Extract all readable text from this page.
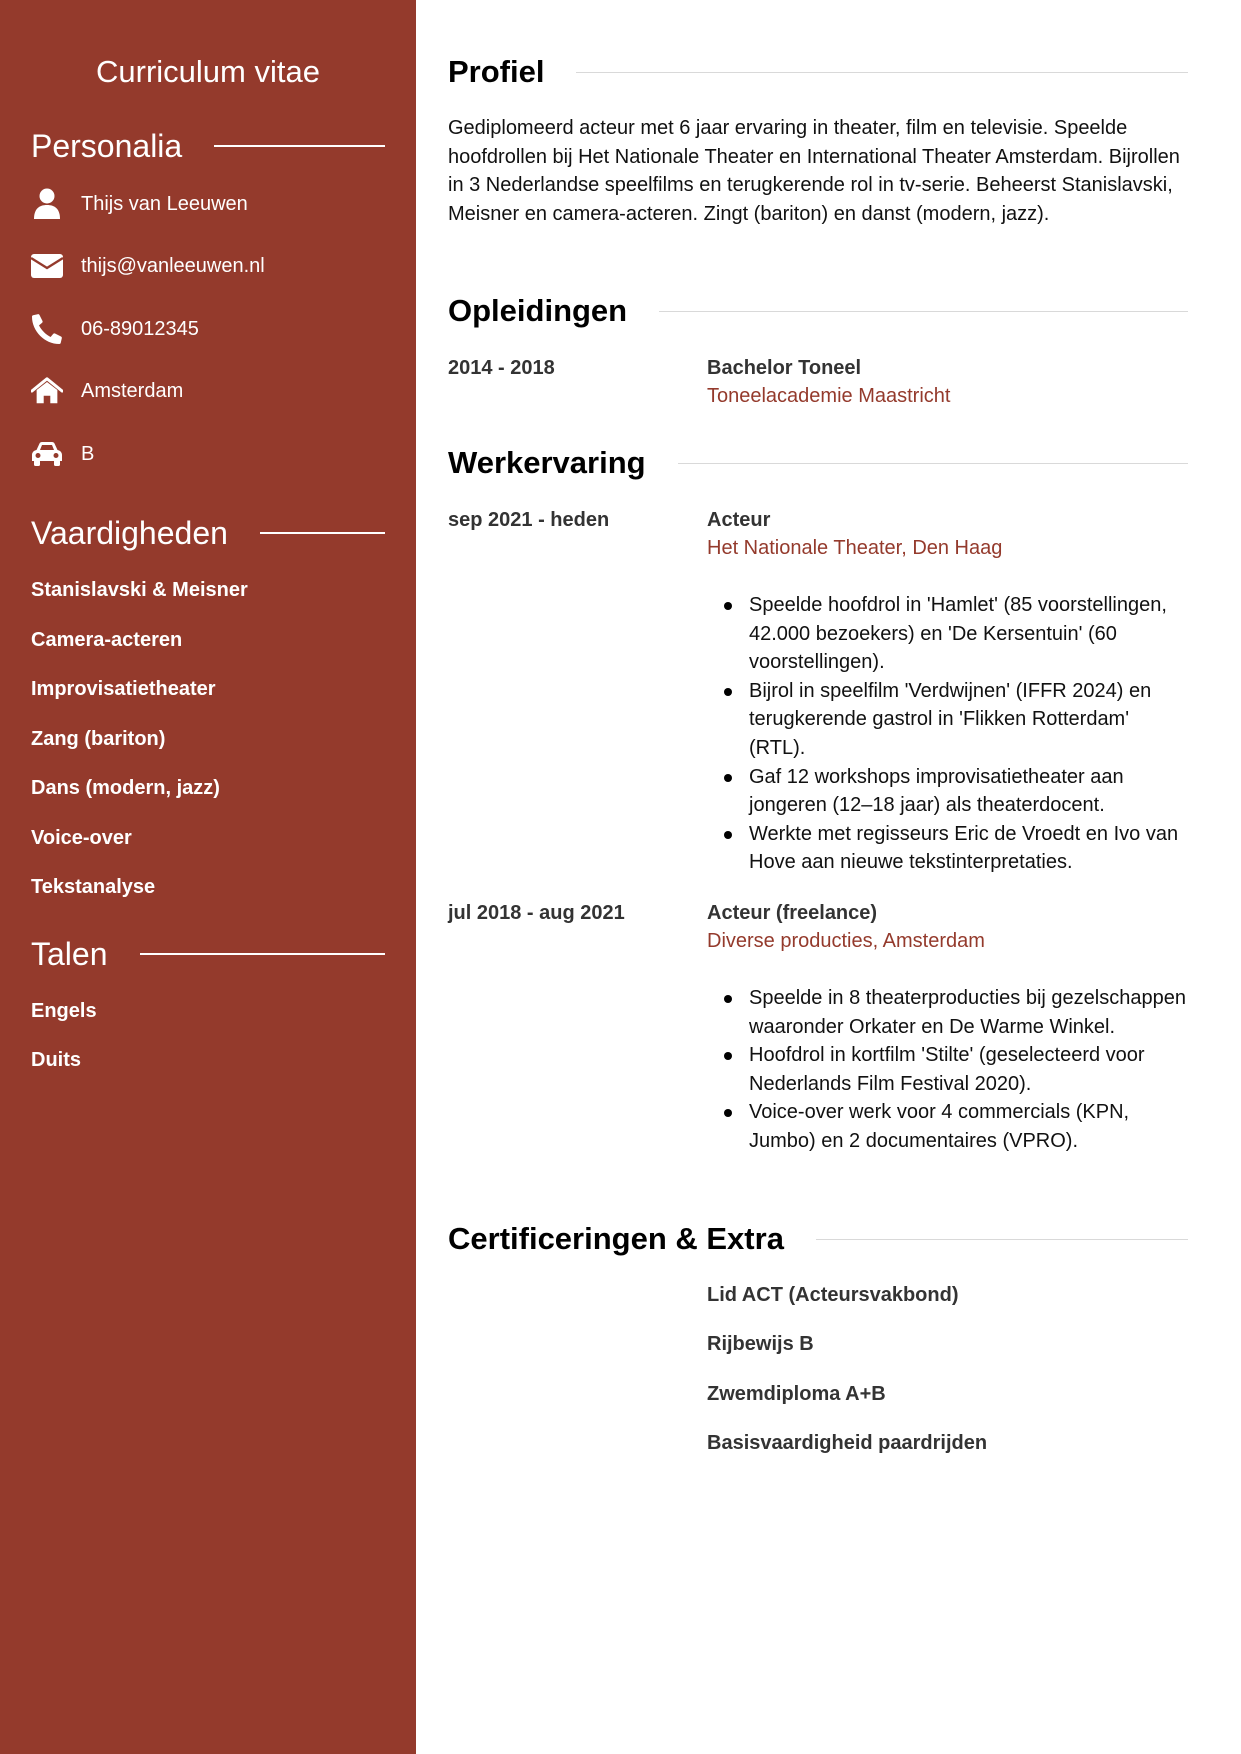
Curriculum vitae
Personalia
Thijs van Leeuwen
thijs@vanleeuwen.nl
06-89012345
Amsterdam
B
Vaardigheden
Stanislavski & Meisner
Camera-acteren
Improvisatietheater
Zang (bariton)
Dans (modern, jazz)
Voice-over
Tekstanalyse
Talen
Engels
Duits
Profiel
Gediplomeerd acteur met 6 jaar ervaring in theater, film en televisie. Speelde hoofdrollen bij Het Nationale Theater en International Theater Amsterdam. Bijrollen in 3 Nederlandse speelfilms en terugkerende rol in tv-serie. Beheerst Stanislavski, Meisner en camera-acteren. Zingt (bariton) en danst (modern, jazz).
Opleidingen
2014 - 2018	Bachelor Toneel
Toneelacademie Maastricht
Werkervaring
sep 2021 - heden	Acteur
Het Nationale Theater, Den Haag
Speelde hoofdrol in 'Hamlet' (85 voorstellingen, 42.000 bezoekers) en 'De Kersentuin' (60 voorstellingen).
Bijrol in speelfilm 'Verdwijnen' (IFFR 2024) en terugkerende gastrol in 'Flikken Rotterdam' (RTL).
Gaf 12 workshops improvisatietheater aan jongeren (12–18 jaar) als theaterdocent.
Werkte met regisseurs Eric de Vroedt en Ivo van Hove aan nieuwe tekstinterpretaties.
jul 2018 - aug 2021	Acteur (freelance)
Diverse producties, Amsterdam
Speelde in 8 theaterproducties bij gezelschappen waaronder Orkater en De Warme Winkel.
Hoofdrol in kortfilm 'Stilte' (geselecteerd voor Nederlands Film Festival 2020).
Voice-over werk voor 4 commercials (KPN, Jumbo) en 2 documentaires (VPRO).
Certificeringen & Extra
Lid ACT (Acteursvakbond)
Rijbewijs B
Zwemdiploma A+B
Basisvaardigheid paardrijden
